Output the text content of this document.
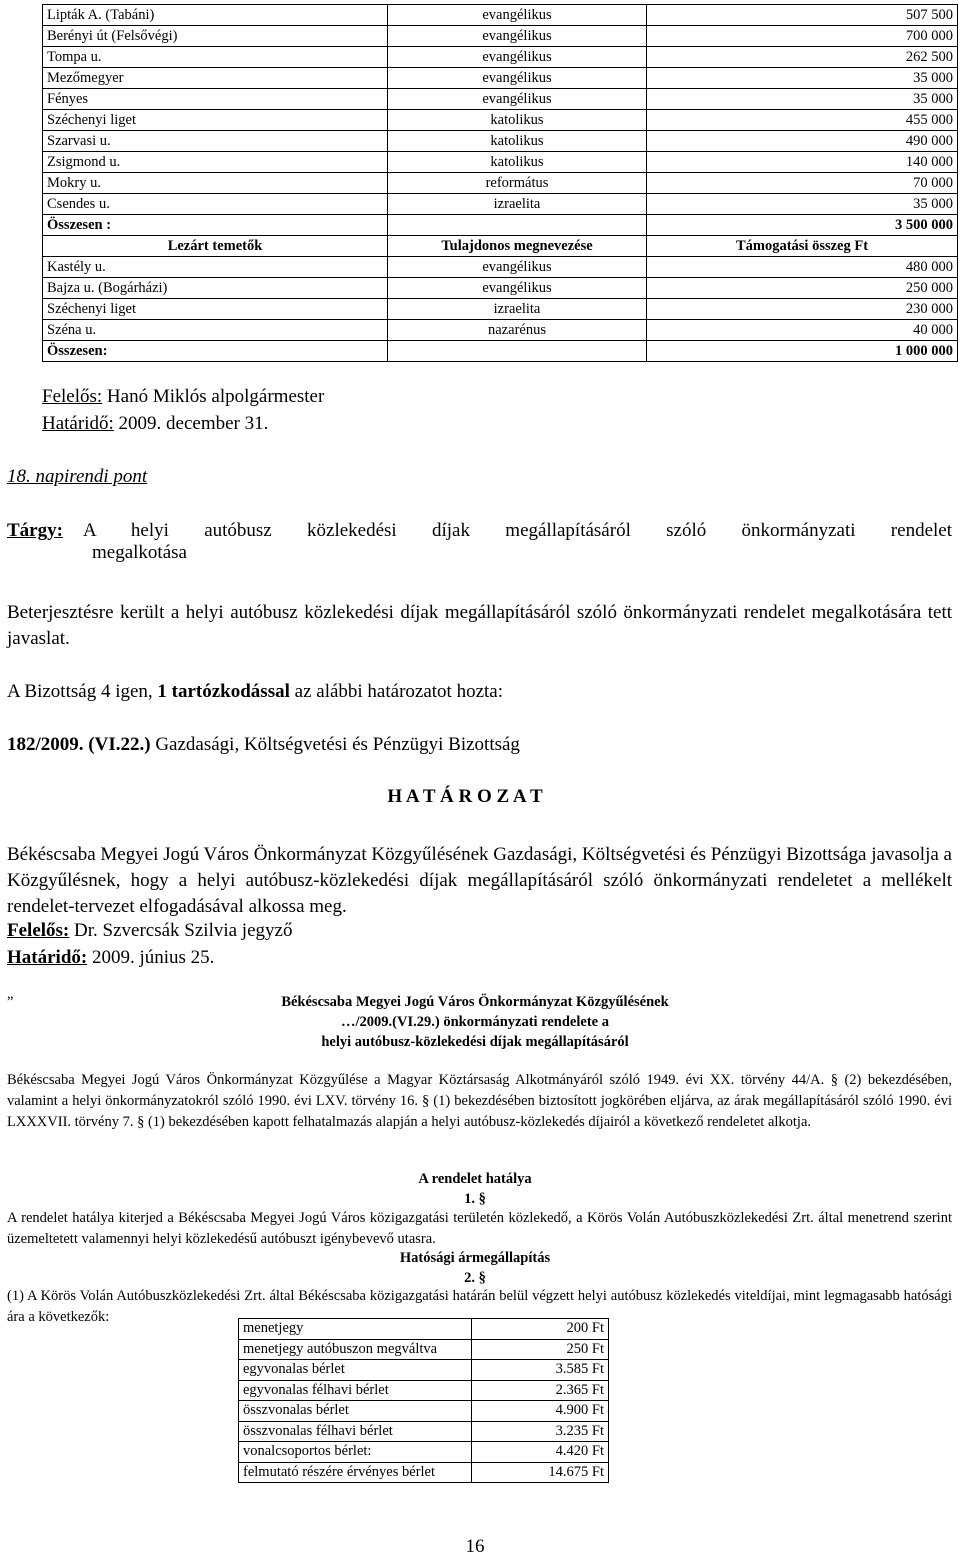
Lipták A. (Tabáni)	evangélikus	507 500
Berényi út (Felsővégi)	evangélikus	700 000
Tompa u.	evangélikus	262 500
Mezőmegyer	evangélikus	35 000
Fényes	evangélikus	35 000
Széchenyi liget	katolikus	455 000
Szarvasi u.	katolikus	490 000
Zsigmond u.	katolikus	140 000
Mokry u.	református	70 000
Csendes u.	izraelita	35 000
Összesen :		3 500 000
Lezárt temetők	Tulajdonos megnevezése	Támogatási összeg Ft
Kastély u.	evangélikus	480 000
Bajza u. (Bogárházi)	evangélikus	250 000
Széchenyi liget	izraelita	230 000
Széna u.	nazarénus	40 000
Összesen:		1 000 000
Felelős: Hanó Miklós alpolgármester
Határidő: 2009. december 31.
18. napirendi pont
Tárgy: A helyi autóbusz közlekedési díjak megállapításáról szóló önkormányzati rendelet
megalkotása
Beterjesztésre került a helyi autóbusz közlekedési díjak megállapításáról szóló önkormányzati rendelet megalkotására tett javaslat.
A Bizottság 4 igen, 1 tartózkodással az alábbi határozatot hozta:
182/2009. (VI.22.) Gazdasági, Költségvetési és Pénzügyi Bizottság
H A T Á R O Z A T
Békéscsaba Megyei Jogú Város Önkormányzat Közgyűlésének Gazdasági, Költségvetési és Pénzügyi Bizottsága javasolja a Közgyűlésnek, hogy a helyi autóbusz-közlekedési díjak megállapításáról szóló önkormányzati rendeletet a mellékelt rendelet-tervezet elfogadásával alkossa meg.
Felelős: Dr. Szvercsák Szilvia jegyző
Határidő: 2009. június 25.
„	Békéscsaba Megyei Jogú Város Önkormányzat Közgyűlésének
…/2009.(VI.29.) önkormányzati rendelete a
helyi autóbusz-közlekedési díjak megállapításáról
Békéscsaba Megyei Jogú Város Önkormányzat Közgyűlése a Magyar Köztársaság Alkotmányáról szóló 1949. évi XX. törvény 44/A. § (2) bekezdésében, valamint a helyi önkormányzatokról szóló 1990. évi LXV. törvény 16. § (1) bekezdésében biztosított jogkörében eljárva, az árak megállapításáról szóló 1990. évi LXXXVII. törvény 7. § (1) bekezdésében kapott felhatalmazás alapján a helyi autóbusz-közlekedés díjairól a következő rendeletet alkotja.
A rendelet hatálya
1. §
A rendelet hatálya kiterjed a Békéscsaba Megyei Jogú Város közigazgatási területén közlekedő, a Körös Volán Autóbuszközlekedési Zrt. által menetrend szerint üzemeltetett valamennyi helyi közlekedésű autóbuszt igénybevevő utasra.
Hatósági ármegállapítás
2. §
(1) A Körös Volán Autóbuszközlekedési Zrt. által Békéscsaba közigazgatási határán belül végzett helyi autóbusz közlekedés viteldíjai, mint legmagasabb hatósági ára a következők:
menetjegy	200 Ft
menetjegy autóbuszon megváltva	250 Ft
egyvonalas bérlet	3.585 Ft
egyvonalas félhavi bérlet	2.365 Ft
összvonalas bérlet	4.900 Ft
összvonalas félhavi bérlet	3.235 Ft
vonalcsoportos bérlet:	4.420 Ft
felmutató részére érvényes bérlet	14.675 Ft
16
